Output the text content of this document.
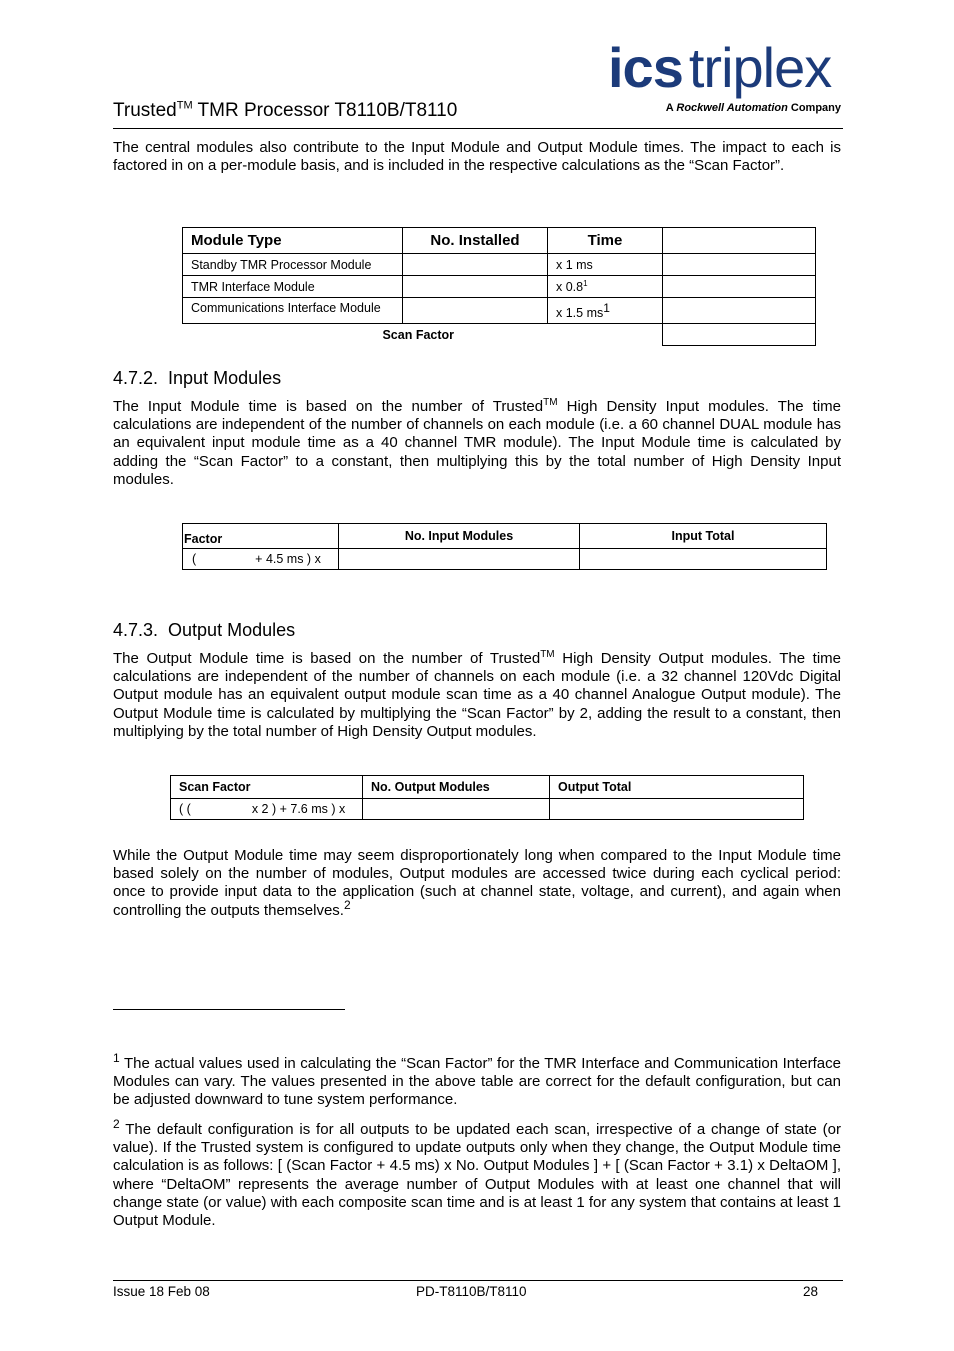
Trusted™ TMR Processor T8110B/T8110
ics triplex
A Rockwell Automation Company
The central modules also contribute to the Input Module and Output Module times. The impact to each is factored in on a per-module basis, and is included in the respective calculations as the “Scan Factor”.
Module Type	No. Installed	Time	
Standby TMR Processor Module		x 1 ms	
TMR Interface Module		x $0.8^1$	
Communications Interface Module		x 1.5 $ms^1$	
Scan Factor			
4.7.2.  Input Modules
The Input Module time is based on the number of Trusted™ High Density Input modules. The time calculations are independent of the number of channels on each module (i.e. a 60 channel DUAL module has an equivalent input module time as a 40 channel TMR module). The Input Module time is calculated by adding the “Scan Factor” to a constant, then multiplying this by the total number of High Density Input modules.
Factor	No. Input Modules	Input Total
( + 4.5 ms ) x		
4.7.3.  Output Modules
The Output Module time is based on the number of Trusted™ High Density Output modules. The time calculations are independent of the number of channels on each module (i.e. a 32 channel 120Vdc Digital Output module has an equivalent output module scan time as a 40 channel Analogue Output module). The Output Module time is calculated by multiplying the “Scan Factor” by 2, adding the result to a constant, then multiplying by the total number of High Density Output modules.
Scan Factor	No. Output Modules	Output Total
( ( x 2 ) + 7.6 ms ) x		
While the Output Module time may seem disproportionately long when compared to the Input Module time based solely on the number of modules, Output modules are accessed twice during each cyclical period: once to provide input data to the application (such at channel state, voltage, and current), and again when controlling the outputs themselves.$^2$
$^1$ The actual values used in calculating the “Scan Factor” for the TMR Interface and Communication Interface Modules can vary. The values presented in the above table are correct for the default configuration, but can be adjusted downward to tune system performance.
$^2$ The default configuration is for all outputs to be updated each scan, irrespective of a change of state (or value). If the Trusted system is configured to update outputs only when they change, the Output Module time calculation is as follows: [ (Scan Factor + 4.5 ms) x No. Output Modules ] + [ (Scan Factor + 3.1) x DeltaOM ], where “DeltaOM” represents the average number of Output Modules with at least one channel that will change state (or value) with each composite scan time and is at least 1 for any system that contains at least 1 Output Module.
Issue 18 Feb 08	PD-T8110B/T8110	28
